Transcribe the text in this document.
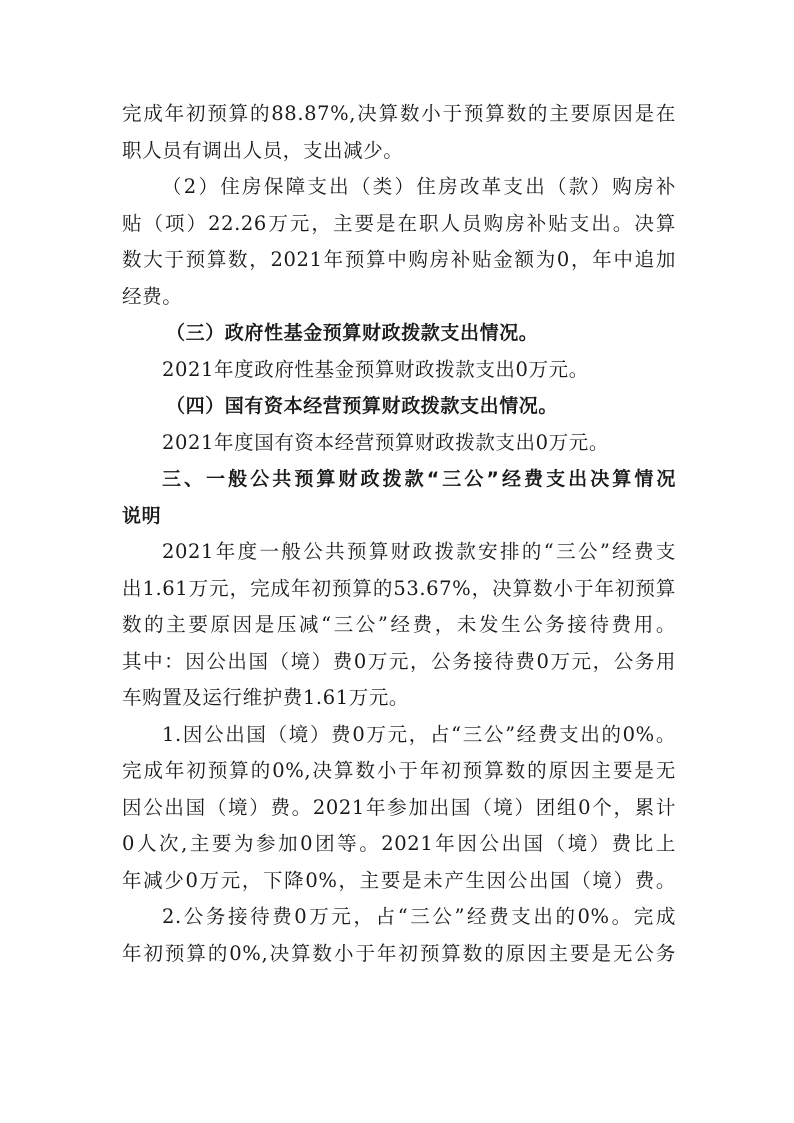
完成年初预算的88.87%,决算数小于预算数的主要原因是在
职人员有调出人员，支出减少。
（2）住房保障支出（类）住房改革支出（款）购房补
贴（项）22.26万元，主要是在职人员购房补贴支出。决算
数大于预算数，2021年预算中购房补贴金额为0，年中追加
经费。
（三）政府性基金预算财政拨款支出情况。
2021年度政府性基金预算财政拨款支出0万元。
（四）国有资本经营预算财政拨款支出情况。
2021年度国有资本经营预算财政拨款支出0万元。
三、一般公共预算财政拨款“三公”经费支出决算情况
说明
2021年度一般公共预算财政拨款安排的“三公”经费支
出1.61万元，完成年初预算的53.67%，决算数小于年初预算
数的主要原因是压减“三公”经费，未发生公务接待费用。
其中：因公出国（境）费0万元，公务接待费0万元，公务用
车购置及运行维护费1.61万元。
1.因公出国（境）费0万元，占“三公”经费支出的0%。
完成年初预算的0%,决算数小于年初预算数的原因主要是无
因公出国（境）费。2021年参加出国（境）团组0个，累计
0人次,主要为参加0团等。2021年因公出国（境）费比上
年减少0万元，下降0%，主要是未产生因公出国（境）费。
2.公务接待费0万元，占“三公”经费支出的0%。完成
年初预算的0%,决算数小于年初预算数的原因主要是无公务
